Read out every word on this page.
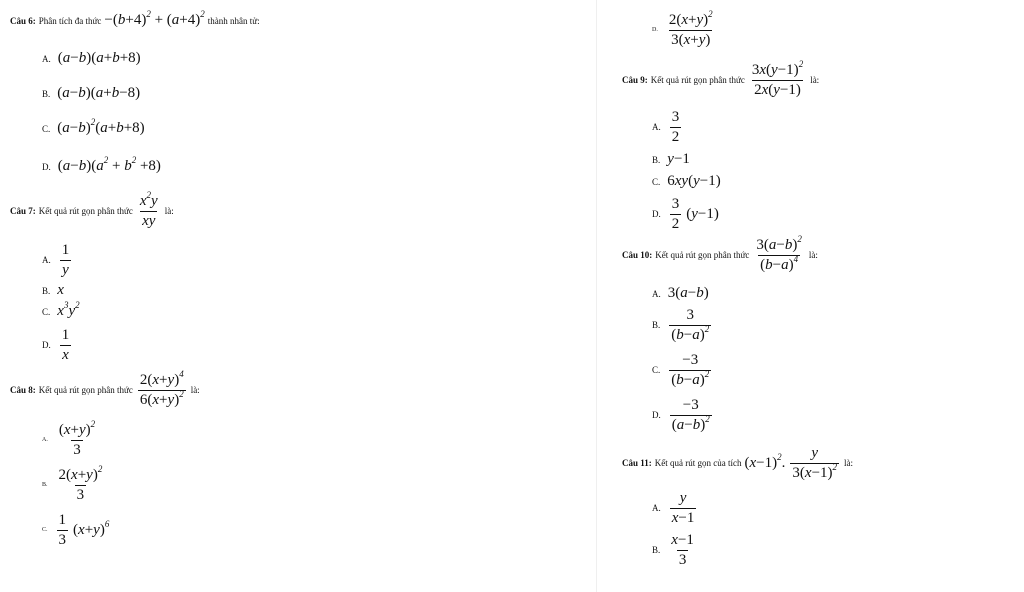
Câu 6: Phân tích đa thức $-(b+4)^2 + (a+4)^2$
thành nhân tử:
A. (a−b)(a+b+8)
B. (a−b)(a+b−8)
C. $(a-b)^2(a+b+8)$
D. $(a-b)(a^2 + b^2 +8)$
Câu 7: Kết quả rút gọn phân thức $\frac{x^2y}{xy}$ là:
A. $\frac{1}{y}$
B. x
C. $x^3y^2$
D. $\frac{1}{x}$
Câu 8: Kết quả rút gọn phân thức $\frac{2(x+y)^4}{6(x+y)^2}$ là:
A. $\frac{(x+y)^2}{3}$
B. $\frac{2(x+y)^2}{3}$
C. $\frac{1}{3} (x+y)^6$
D. $\frac{2(x+y)^2}{3(x+y)}$
Câu 9: Kết quả rút gọn phân thức $\frac{3x(y-1)^2}{2x(y-1)}$ là:
A. $\frac{3}{2}$
B. y−1
C. 6xy(y−1)
D. $\frac{3}{2} (y-1)$
Câu 10: Kết quả rút gọn phân thức $\frac{3(a-b)^2}{(b-a)^4}$ là:
A. 3(a−b)
B. $\frac{3}{(b-a)^2}$
C. $\frac{-3}{(b-a)^2}$
D. $\frac{-3}{(a-b)^2}$
Câu 11: Kết quả rút gọn của tích $(x-1)^2$. $\frac{y}{3(x-1)^2}$ là:
A. $\frac{y}{x-1}$
B. $\frac{x-1}{3}$
